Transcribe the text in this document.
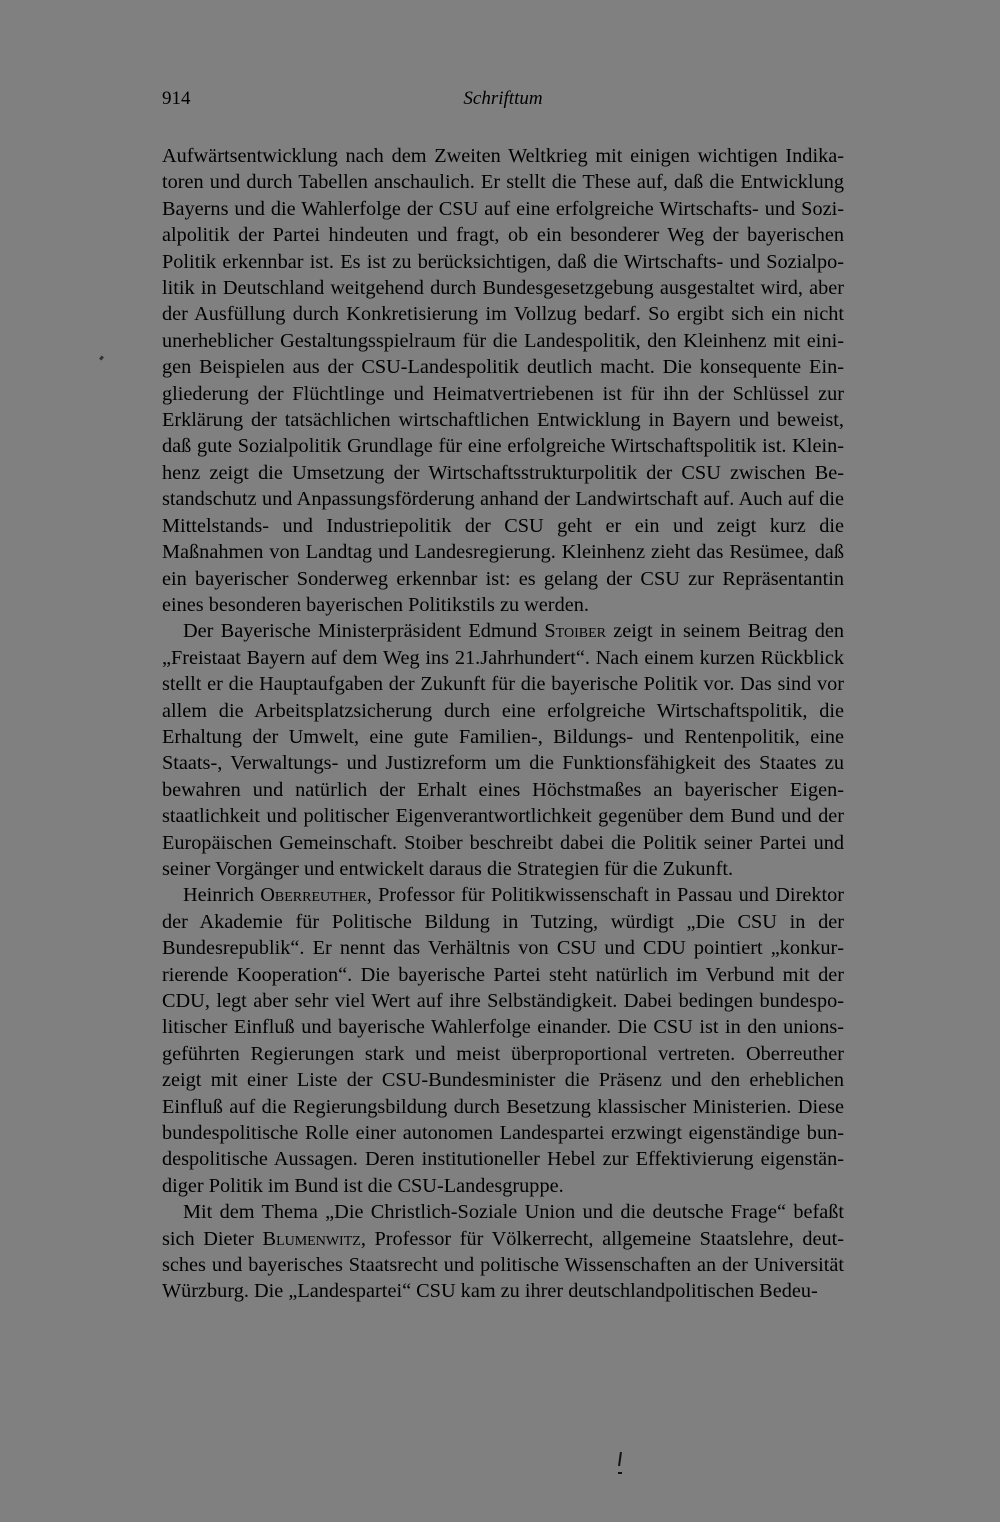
914	Schrifttum

Aufwärtsentwicklung nach dem Zweiten Weltkrieg mit einigen wichtigen Indikatoren und durch Tabellen anschaulich. Er stellt die These auf, daß die Entwicklung Bayerns und die Wahlerfolge der CSU auf eine erfolgreiche Wirtschafts- und Sozialpolitik der Partei hindeuten und fragt, ob ein besonderer Weg der bayerischen Politik erkennbar ist. Es ist zu berücksichtigen, daß die Wirtschafts- und Sozialpolitik in Deutschland weitgehend durch Bundesgesetzgebung ausgestaltet wird, aber der Ausfüllung durch Konkretisierung im Vollzug bedarf. So ergibt sich ein nicht unerheblicher Gestaltungsspielraum für die Landespolitik, den Kleinhenz mit einigen Beispielen aus der CSU-Landespolitik deutlich macht. Die konsequente Eingliederung der Flüchtlinge und Heimatvertriebenen ist für ihn der Schlüssel zur Erklärung der tatsächlichen wirtschaftlichen Entwicklung in Bayern und beweist, daß gute Sozialpolitik Grundlage für eine erfolgreiche Wirtschaftspolitik ist. Kleinhenz zeigt die Umsetzung der Wirtschaftsstrukturpolitik der CSU zwischen Bestandschutz und Anpassungsförderung anhand der Landwirtschaft auf. Auch auf die Mittelstands- und Industriepolitik der CSU geht er ein und zeigt kurz die Maßnahmen von Landtag und Landesregierung. Kleinhenz zieht das Resümee, daß ein bayerischer Sonderweg erkennbar ist: es gelang der CSU zur Repräsentantin eines besonderen bayerischen Politikstils zu werden.

Der Bayerische Ministerpräsident Edmund Stoiber zeigt in seinem Beitrag den „Freistaat Bayern auf dem Weg ins 21.Jahrhundert“. Nach einem kurzen Rückblick stellt er die Hauptaufgaben der Zukunft für die bayerische Politik vor. Das sind vor allem die Arbeitsplatzsicherung durch eine erfolgreiche Wirtschaftspolitik, die Erhaltung der Umwelt, eine gute Familien-, Bildungs- und Rentenpolitik, eine Staats-, Verwaltungs- und Justizreform um die Funktionsfähigkeit des Staates zu bewahren und natürlich der Erhalt eines Höchstmaßes an bayerischer Eigenstaatlichkeit und politischer Eigenverantwortlichkeit gegenüber dem Bund und der Europäischen Gemeinschaft. Stoiber beschreibt dabei die Politik seiner Partei und seiner Vorgänger und entwickelt daraus die Strategien für die Zukunft.

Heinrich Oberreuther, Professor für Politikwissenschaft in Passau und Direktor der Akademie für Politische Bildung in Tutzing, würdigt „Die CSU in der Bundesrepublik“. Er nennt das Verhältnis von CSU und CDU pointiert „konkurrierende Kooperation“. Die bayerische Partei steht natürlich im Verbund mit der CDU, legt aber sehr viel Wert auf ihre Selbständigkeit. Dabei bedingen bundespolitischer Einfluß und bayerische Wahlerfolge einander. Die CSU ist in den unionsgeführten Regierungen stark und meist überproportional vertreten. Oberreuther zeigt mit einer Liste der CSU-Bundesminister die Präsenz und den erheblichen Einfluß auf die Regierungsbildung durch Besetzung klassischer Ministerien. Diese bundespolitische Rolle einer autonomen Landespartei erzwingt eigenständige bundespolitische Aussagen. Deren institutioneller Hebel zur Effektivierung eigenständiger Politik im Bund ist die CSU-Landesgruppe.

Mit dem Thema „Die Christlich-Soziale Union und die deutsche Frage“ befaßt sich Dieter Blumenwitz, Professor für Völkerrecht, allgemeine Staatslehre, deutsches und bayerisches Staatsrecht und politische Wissenschaften an der Universität Würzburg. Die „Landespartei“ CSU kam zu ihrer deutschlandpolitischen Bedeu-
